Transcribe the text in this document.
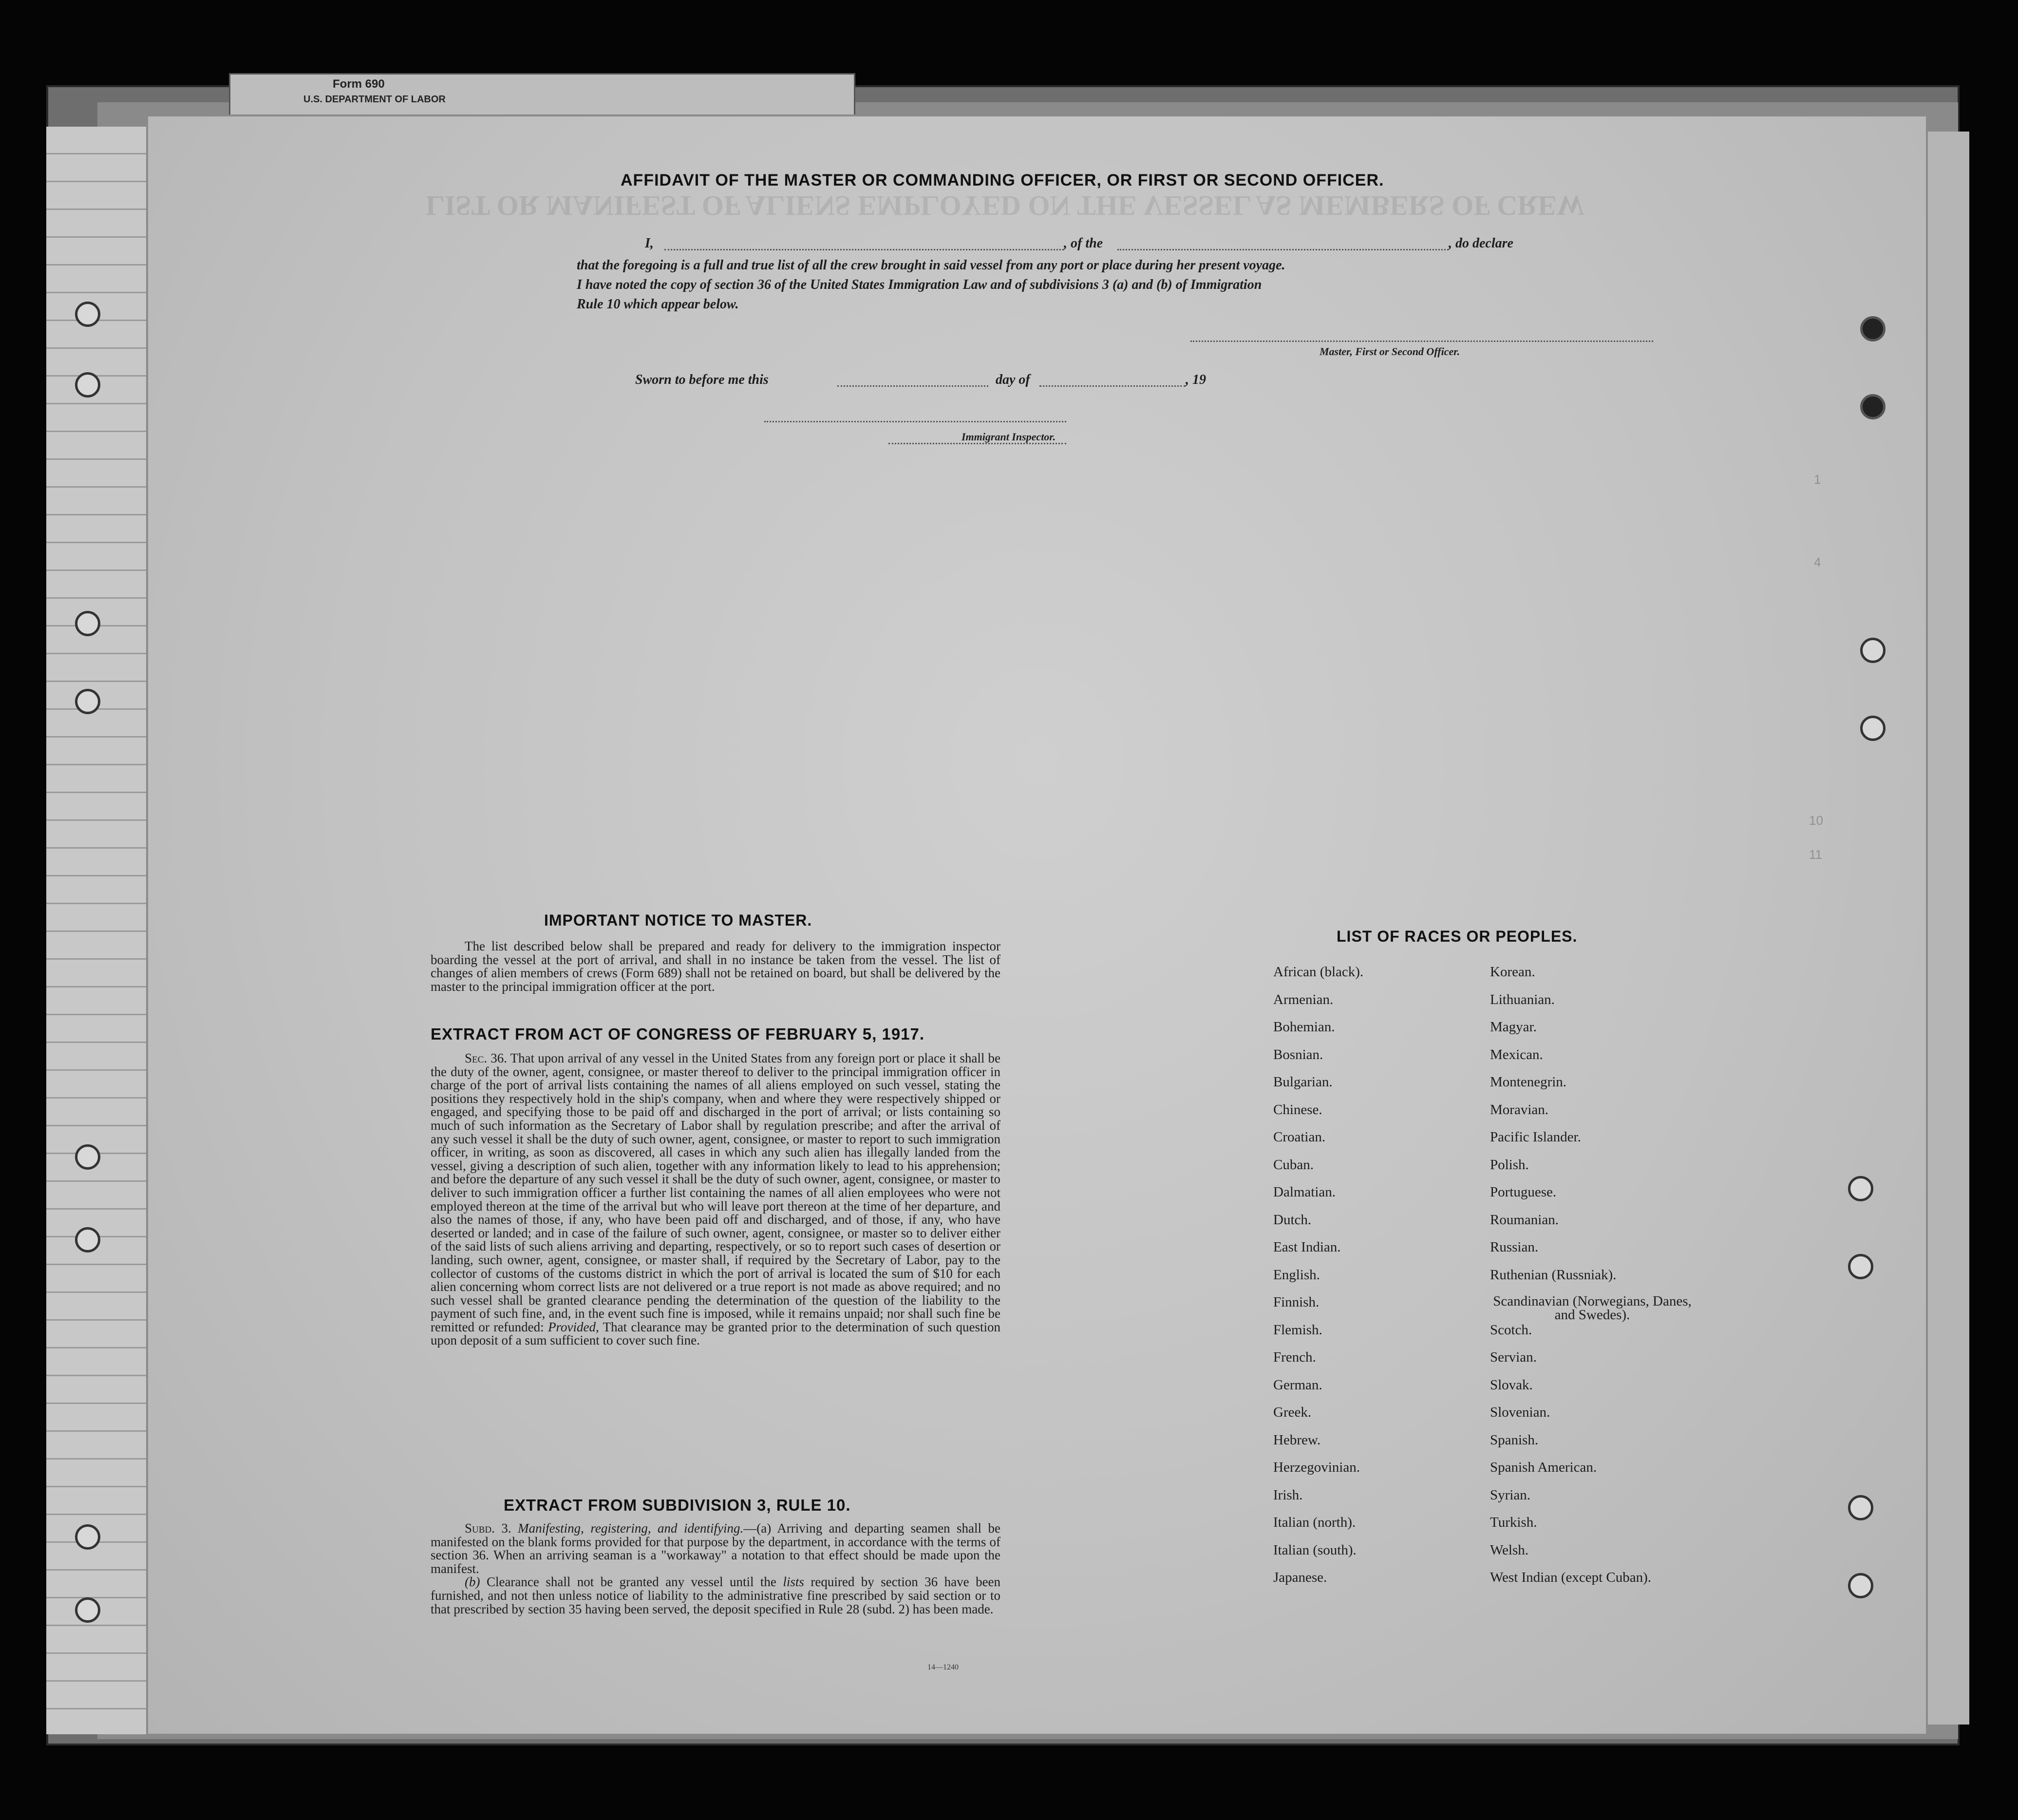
Form 690
U.S. DEPARTMENT OF LABOR
LIST OR MANIFEST OF ALIENS EMPLOYED ON THE VESSEL AS MEMBERS OF CREW
AFFIDAVIT OF THE MASTER OR COMMANDING OFFICER, OR FIRST OR SECOND OFFICER.
I,	, of the	, do declare
that the foregoing is a full and true list of all the crew brought in said vessel from any port or place during her present voyage.
I have noted the copy of section 36 of the United States Immigration Law and of subdivisions 3 (a) and (b) of Immigration
Rule 10 which appear below.
Master, First or Second Officer.
Sworn to before me this	day of	, 19
Immigrant Inspector.
IMPORTANT NOTICE TO MASTER.

The list described below shall be prepared and ready for delivery to the immigration inspector boarding the vessel at the port of arrival, and shall in no instance be taken from the vessel. The list of changes of alien members of crews (Form 689) shall not be retained on board, but shall be delivered by the master to the principal immigration officer at the port.

EXTRACT FROM ACT OF CONGRESS OF FEBRUARY 5, 1917.

Sec. 36. That upon arrival of any vessel in the United States from any foreign port or place it shall be the duty of the owner, agent, consignee, or master thereof to deliver to the principal immigration officer in charge of the port of arrival lists containing the names of all aliens employed on such vessel, stating the positions they respectively hold in the ship's company, when and where they were respectively shipped or engaged, and specifying those to be paid off and discharged in the port of arrival; or lists containing so much of such information as the Secretary of Labor shall by regulation prescribe; and after the arrival of any such vessel it shall be the duty of such owner, agent, consignee, or master to report to such immigration officer, in writing, as soon as discovered, all cases in which any such alien has illegally landed from the vessel, giving a description of such alien, together with any information likely to lead to his apprehension; and before the departure of any such vessel it shall be the duty of such owner, agent, consignee, or master to deliver to such immigration officer a further list containing the names of all alien employees who were not employed thereon at the time of the arrival but who will leave port thereon at the time of her departure, and also the names of those, if any, who have been paid off and discharged, and of those, if any, who have deserted or landed; and in case of the failure of such owner, agent, consignee, or master so to deliver either of the said lists of such aliens arriving and departing, respectively, or so to report such cases of desertion or landing, such owner, agent, consignee, or master shall, if required by the Secretary of Labor, pay to the collector of customs of the customs district in which the port of arrival is located the sum of $10 for each alien concerning whom correct lists are not delivered or a true report is not made as above required; and no such vessel shall be granted clearance pending the determination of the question of the liability to the payment of such fine, and, in the event such fine is imposed, while it remains unpaid; nor shall such fine be remitted or refunded: Provided, That clearance may be granted prior to the determination of such question upon deposit of a sum sufficient to cover such fine.

EXTRACT FROM SUBDIVISION 3, RULE 10.

Subd. 3. Manifesting, registering, and identifying.—(a) Arriving and departing seamen shall be manifested on the blank forms provided for that purpose by the department, in accordance with the terms of section 36. When an arriving seaman is a "workaway" a notation to that effect should be made upon the manifest.

(b) Clearance shall not be granted any vessel until the lists required by section 36 have been furnished, and not then unless notice of liability to the administrative fine prescribed by said section or to that prescribed by section 35 having been served, the deposit specified in Rule 28 (subd. 2) has been made.

14—1240
LIST OF RACES OR PEOPLES.
1
4
10
11
African (black).
Armenian.
Bohemian.
Bosnian.
Bulgarian.
Chinese.
Croatian.
Cuban.
Dalmatian.
Dutch.
East Indian.
English.
Finnish.
Flemish.
French.
German.
Greek.
Hebrew.
Herzegovinian.
Irish.
Italian (north).
Italian (south).
Japanese.
Korean.
Lithuanian.
Magyar.
Mexican.
Montenegrin.
Moravian.
Pacific Islander.
Polish.
Portuguese.
Roumanian.
Russian.
Ruthenian (Russniak).
Scandinavian (Norwegians, Danes, and Swedes).
Scotch.
Servian.
Slovak.
Slovenian.
Spanish.
Spanish American.
Syrian.
Turkish.
Welsh.
West Indian (except Cuban).
